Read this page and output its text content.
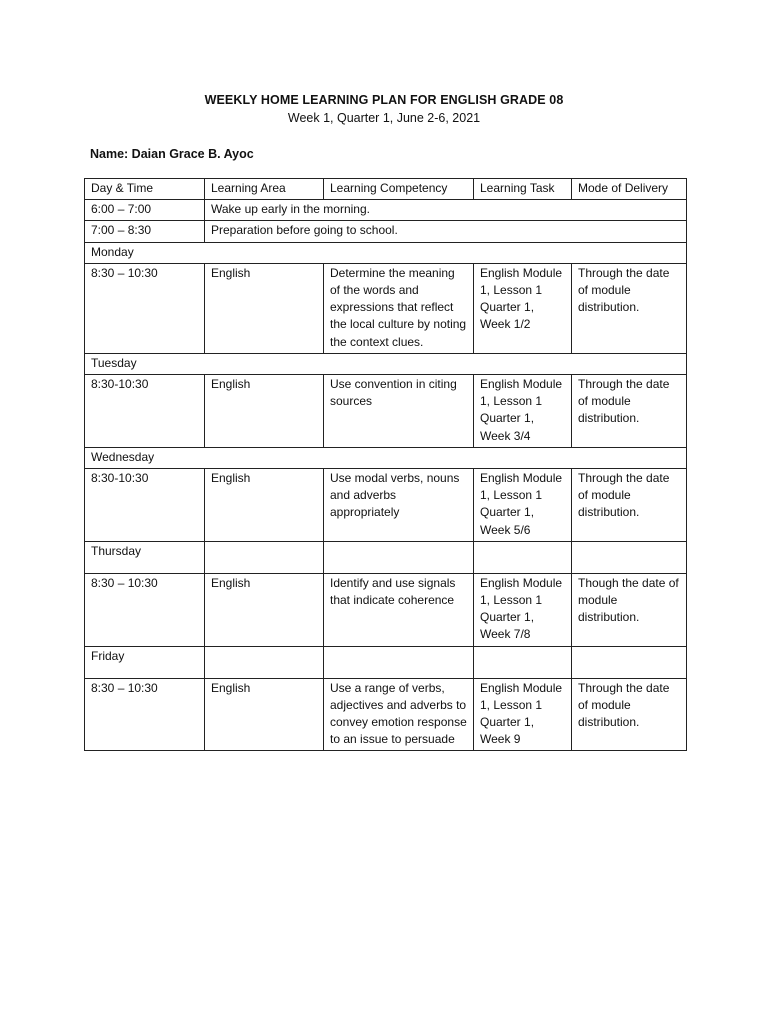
WEEKLY HOME LEARNING PLAN FOR ENGLISH GRADE 08
Week 1, Quarter 1, June 2-6, 2021
Name: Daian Grace B. Ayoc
Day & Time	Learning Area	Learning Competency	Learning Task	Mode of Delivery
6:00 – 7:00	Wake up early in the morning.			
7:00 – 8:30	Preparation before going to school.			
Monday				
8:30 – 10:30	English	Determine the meaning of the words and expressions that reflect the local culture by noting the context clues.	English Module 1, Lesson 1 Quarter 1, Week 1/2	Through the date of module distribution.
Tuesday				
8:30-10:30	English	Use convention in citing sources	English Module 1, Lesson 1 Quarter 1, Week 3/4	Through the date of module distribution.
Wednesday				
8:30-10:30	English	Use modal verbs, nouns and adverbs appropriately	English Module 1, Lesson 1 Quarter 1, Week 5/6	Through the date of module distribution.
Thursday				
8:30 – 10:30	English	Identify and use signals that indicate coherence	English Module 1, Lesson 1 Quarter 1, Week 7/8	Though the date of module distribution.
Friday				
8:30 – 10:30	English	Use a range of verbs, adjectives and adverbs to convey emotion response to an issue to persuade	English Module 1, Lesson 1 Quarter 1, Week 9	Through the date of module distribution.
